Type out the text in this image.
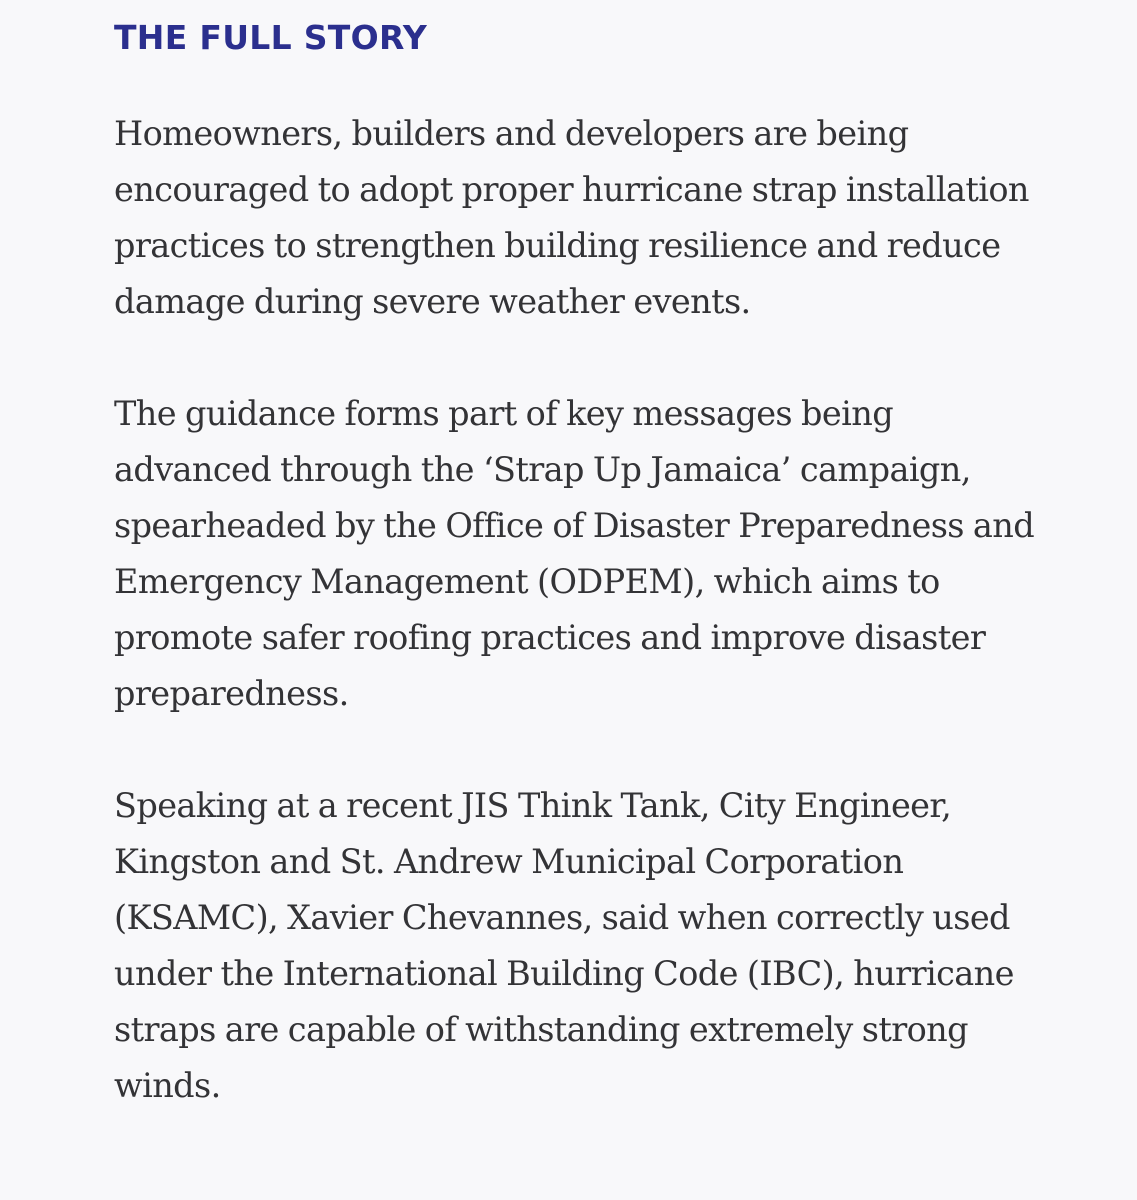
THE FULL STORY

Homeowners, builders and developers are being encouraged to adopt proper hurricane strap installation practices to strengthen building resilience and reduce damage during severe weather events.

The guidance forms part of key messages being advanced through the ‘Strap Up Jamaica’ campaign, spearheaded by the Office of Disaster Preparedness and Emergency Management (ODPEM), which aims to promote safer roofing practices and improve disaster preparedness.

Speaking at a recent JIS Think Tank, City Engineer, Kingston and St. Andrew Municipal Corporation (KSAMC), Xavier Chevannes, said when correctly used under the International Building Code (IBC), hurricane straps are capable of withstanding extremely strong winds.
